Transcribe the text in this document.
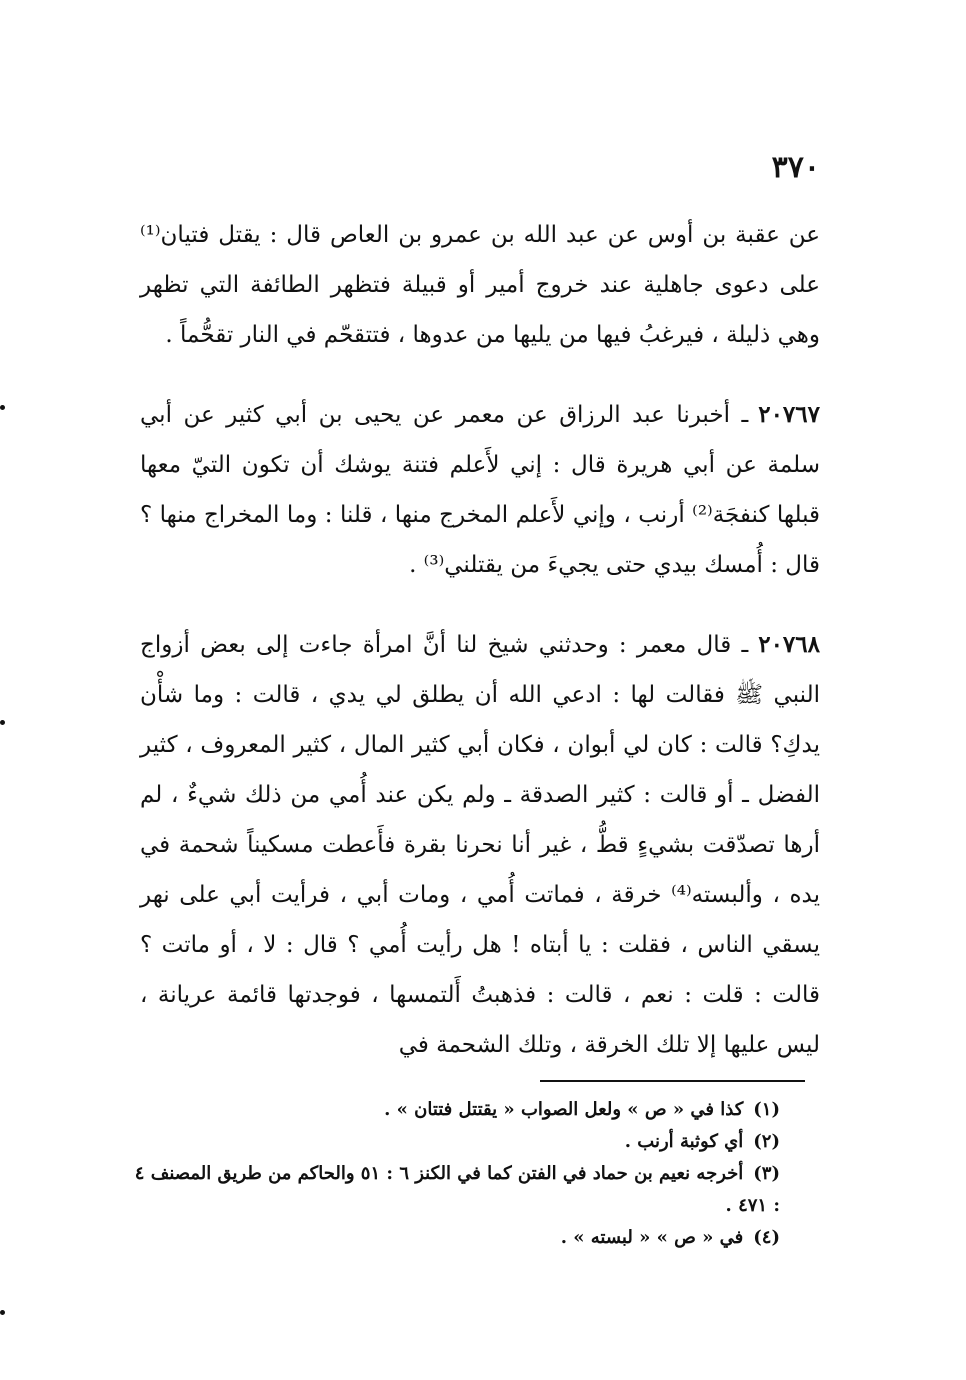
٣٧٠

عن عقبة بن أوس عن عبد الله بن عمرو بن العاص قال : يقتل فتيان⁽¹⁾ على دعوى جاهلية عند خروج أمير أو قبيلة فتظهر الطائفة التي تظهر وهي ذليلة ، فيرغبُ فيها من يليها من عدوها ، فتتقحّم في النار تقحُّماً .

٢٠٧٦٧ـ أخبرنا عبد الرزاق عن معمر عن يحيى بن أبي كثير عن أبي سلمة عن أبي هريرة قال : إني لأَعلم فتنة يوشك أن تكون التيّ معها قبلها كنفجَة⁽²⁾ أرنب ، وإني لأَعلم المخرج منها ، قلنا : وما المخراج منها ؟ قال : أُمسك بيدي حتى يجيءَ من يقتلني⁽³⁾ .

٢٠٧٦٨ـ قال معمر : وحدثني شيخ لنا أنَّ امرأة جاءت إلى بعض أزواج النبي ﷺ فقالت لها : ادعي الله أن يطلق لي يدي ، قالت : وما شأْن يدكِ؟ قالت : كان لي أبوان ، فكان أبي كثير المال ، كثير المعروف ، كثير الفضل ـ أو قالت : كثير الصدقة ـ ولم يكن عند أُمي من ذلك شيءٌ ، لم أرها تصدّقت بشيءٍ قطُّ ، غير أنا نحرنا بقرة فأَعطت مسكيناً شحمة في يده ، وألبسته⁽⁴⁾ خرقة ، فماتت أُمي ، ومات أبي ، فرأيت أبي على نهر يسقي الناس ، فقلت : يا أبتاه ! هل رأيت أُمي ؟ قال : لا ، أو ماتت ؟ قالت : قلت : نعم ، قالت : فذهبتُ أَلتمسها ، فوجدتها قائمة عريانة ، ليس عليها إلا تلك الخرقة ، وتلك الشحمة في

(١)كذا في « ص » ولعل الصواب « يقتتل فتتان » .

(٢)أي كوثبة أرنب .

(٣)أخرجه نعيم بن حماد في الفتن كما في الكنز ٦ : ٥١ والحاكم من طريق المصنف ٤ : ٤٧١ .

(٤)في « ص » « لبسته » .
